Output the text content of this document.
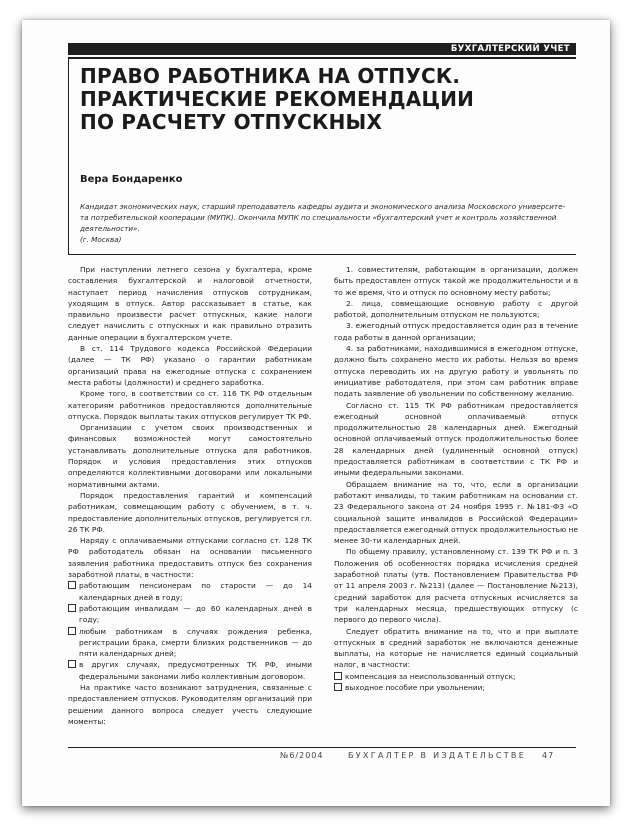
БУХГАЛТЕРСКИЙ УЧЕТ
ПРАВО РАБОТНИКА НА ОТПУСК.
ПРАКТИЧЕСКИЕ РЕКОМЕНДАЦИИ
ПО РАСЧЕТУ ОТПУСКНЫХ
Вера Бондаренко
Кандидат экономических наук, старший преподаватель кафедры аудита и экономического анализа Московского университе-
та потребительской кооперации (МУПК). Окончила МУПК по специальности «бухгалтерский учет и контроль хозяйственной
деятельности».
(г. Москва)
При наступлении летнего сезона у бухгалтера, кроме составления бухгалтерской и налоговой отчетности, наступает период начисления отпусков сотрудникам, уходящим в отпуск. Автор рассказывает в статье, как правильно произвести расчет отпускных, какие налоги следует начислить с отпускных и как правильно отразить данные операции в бухгалтерском учете.
В ст. 114 Трудового кодекса Российской Федерации (далее — ТК РФ) указано о гарантии работникам организаций права на ежегодные отпуска с сохранением места работы (должности) и среднего заработка.
Кроме того, в соответствии со ст. 116 ТК РФ отдельным категориям работников предоставляются дополнительные отпуска. Порядок выплаты таких отпусков регулирует ТК РФ.
Организации с учетом своих производственных и финансовых возможностей могут самостоятельно устанавливать дополнительные отпуска для работников. Порядок и условия предоставления этих отпусков определяются коллективными договорами или локальными нормативными актами.
Порядок предоставления гарантий и компенсаций работникам, совмещающим работу с обучением, в т. ч. предоставление дополнительных отпусков, регулируется гл. 26 ТК РФ.
Наряду с оплачиваемыми отпусками согласно ст. 128 ТК РФ работодатель обязан на основании письменного заявления работника предоставить отпуск без сохранения заработной платы, в частности:
работающим пенсионерам по старости — до 14 календарных дней в году;
работающим инвалидам — до 60 календарных дней в году;
любым работникам в случаях рождения ребенка, регистрации брака, смерти близких родственников — до пяти календарных дней;
в других случаях, предусмотренных ТК РФ, иными федеральными законами либо коллективным договором.
На практике часто возникают затруднения, связанные с предоставлением отпусков. Руководителям организаций при решении данного вопроса следует учесть следующие моменты:
1. совместителям, работающим в организации, должен быть предоставлен отпуск такой же продолжительности и в то же время, что и отпуск по основному месту работы;
2. лица, совмещающие основную работу с другой работой, дополнительным отпуском не пользуются;
3. ежегодный отпуск предоставляется один раз в течение года работы в данной организации;
4. за работниками, находившимися в ежегодном отпуске, должно быть сохранено место их работы. Нельзя во время отпуска переводить их на другую работу и увольнять по инициативе работодателя, при этом сам работник вправе подать заявление об увольнении по собственному желанию.
Согласно ст. 115 ТК РФ работникам предоставляется ежегодный основной оплачиваемый отпуск продолжительностью 28 календарных дней. Ежегодный основной оплачиваемый отпуск продолжительностью более 28 календарных дней (удлиненный основной отпуск) предоставляется работникам в соответствии с ТК РФ и иными федеральными законами.
Обращаем внимание на то, что, если в организации работают инвалиды, то таким работникам на основании ст. 23 Федерального закона от 24 ноября 1995 г. №181-ФЗ «О социальной защите инвалидов в Российской Федерации» предоставляется ежегодный отпуск продолжительностью не менее 30-ти календарных дней.
По общему правилу, установленному ст. 139 ТК РФ и п. 3 Положения об особенностях порядка исчисления средней заработной платы (утв. Постановлением Правительства РФ от 11 апреля 2003 г. №213) (далее — Постановление №213), средний заработок для расчета отпускных исчисляется за три календарных месяца, предшествующих отпуску (с первого до первого числа).
Следует обратить внимание на то, что и при выплате отпускных в средний заработок не включаются денежные выплаты, на которые не начисляется единый социальный налог, в частности:
компенсация за неиспользованный отпуск;
выходное пособие при увольнении;
№6/2004	БУХГАЛТЕР В ИЗДАТЕЛЬСТВЕ 47
